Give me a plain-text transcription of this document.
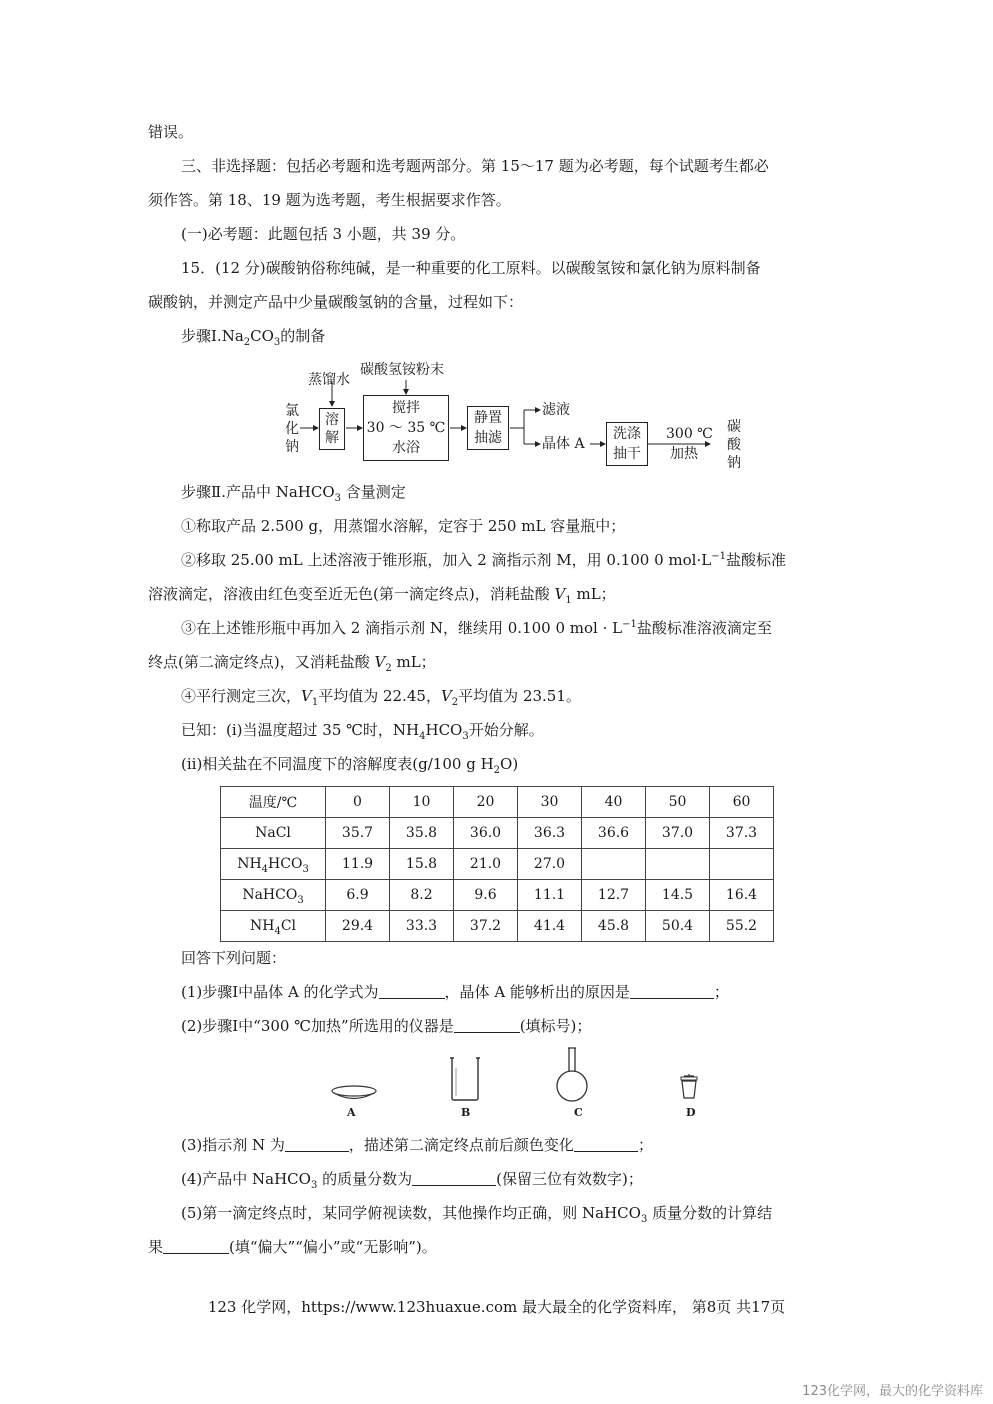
错误。
三、非选择题：包括必考题和选考题两部分。第 15～17 题为必考题，每个试题考生都必
须作答。第 18、19 题为选考题，考生根据要求作答。
(一)必考题：此题包括 3 小题，共 39 分。
15．(12 分)碳酸钠俗称纯碱，是一种重要的化工原料。以碳酸氢铵和氯化钠为原料制备
碳酸钠，并测定产品中少量碳酸氢钠的含量，过程如下：
步骤$Ⅰ.Na_2CO_3$的制备
氯
化
钠
蒸馏水
碳酸氢铵粉末
溶
解
搅拌
30 ～ 35 ℃
水浴
静置
抽滤
滤液
晶体 A
洗涤
抽干
300 ℃
加热
碳
酸
钠
步骤Ⅱ.产品中 NaHCO$_3$ 含量测定
①称取产品 2.500 g，用蒸馏水溶解，定容于 250 mL 容量瓶中；
②移取 25.00 mL 上述溶液于锥形瓶，加入 2 滴指示剂 M，用 0.100 0 $mol\cdot L^{-1}$盐酸标准
溶液滴定，溶液由红色变至近无色(第一滴定终点)，消耗盐酸 $V_1$ mL；
③在上述锥形瓶中再加入 2 滴指示剂 N，继续用 0.100 0 mol · $L^{-1}$盐酸标准溶液滴定至
终点(第二滴定终点)，又消耗盐酸 $V_2$ mL；
④平行测定三次，$V_1$平均值为 22.45，$V_2$平均值为 23.51。
已知：(ⅰ)当温度超过 35 ℃时，$NH_4HCO_3$开始分解。
(ⅱ)相关盐在不同温度下的溶解度表(g/100 g $H_2O$)
温度/℃	0	10	20	30	40	50	60
NaCl	35.7	35.8	36.0	36.3	36.6	37.0	37.3
$NH_4HCO_3$	11.9	15.8	21.0	27.0			
NaHCO$_3$	6.9	8.2	9.6	11.1	12.7	14.5	16.4
$NH_4Cl$	29.4	33.3	37.2	41.4	45.8	50.4	55.2
回答下列问题：
(1)步骤Ⅰ中晶体 A 的化学式为	，晶体 A 能够析出的原因是	；
(2)步骤Ⅰ中“300 ℃加热”所选用的仪器是	(填标号)；
A	B	C	D
(3)指示剂 N 为	，描述第二滴定终点前后颜色变化	；
(4)产品中 NaHCO$_3$ 的质量分数为	(保留三位有效数字)；
(5)第一滴定终点时，某同学俯视读数，其他操作均正确，则 NaHCO$_3$ 质量分数的计算结
果	(填“偏大”“偏小”或“无影响”)。
123 化学网，https://www.123huaxue.com 最大最全的化学资料库， 第8页 共17页
123化学网，最大的化学资料库
